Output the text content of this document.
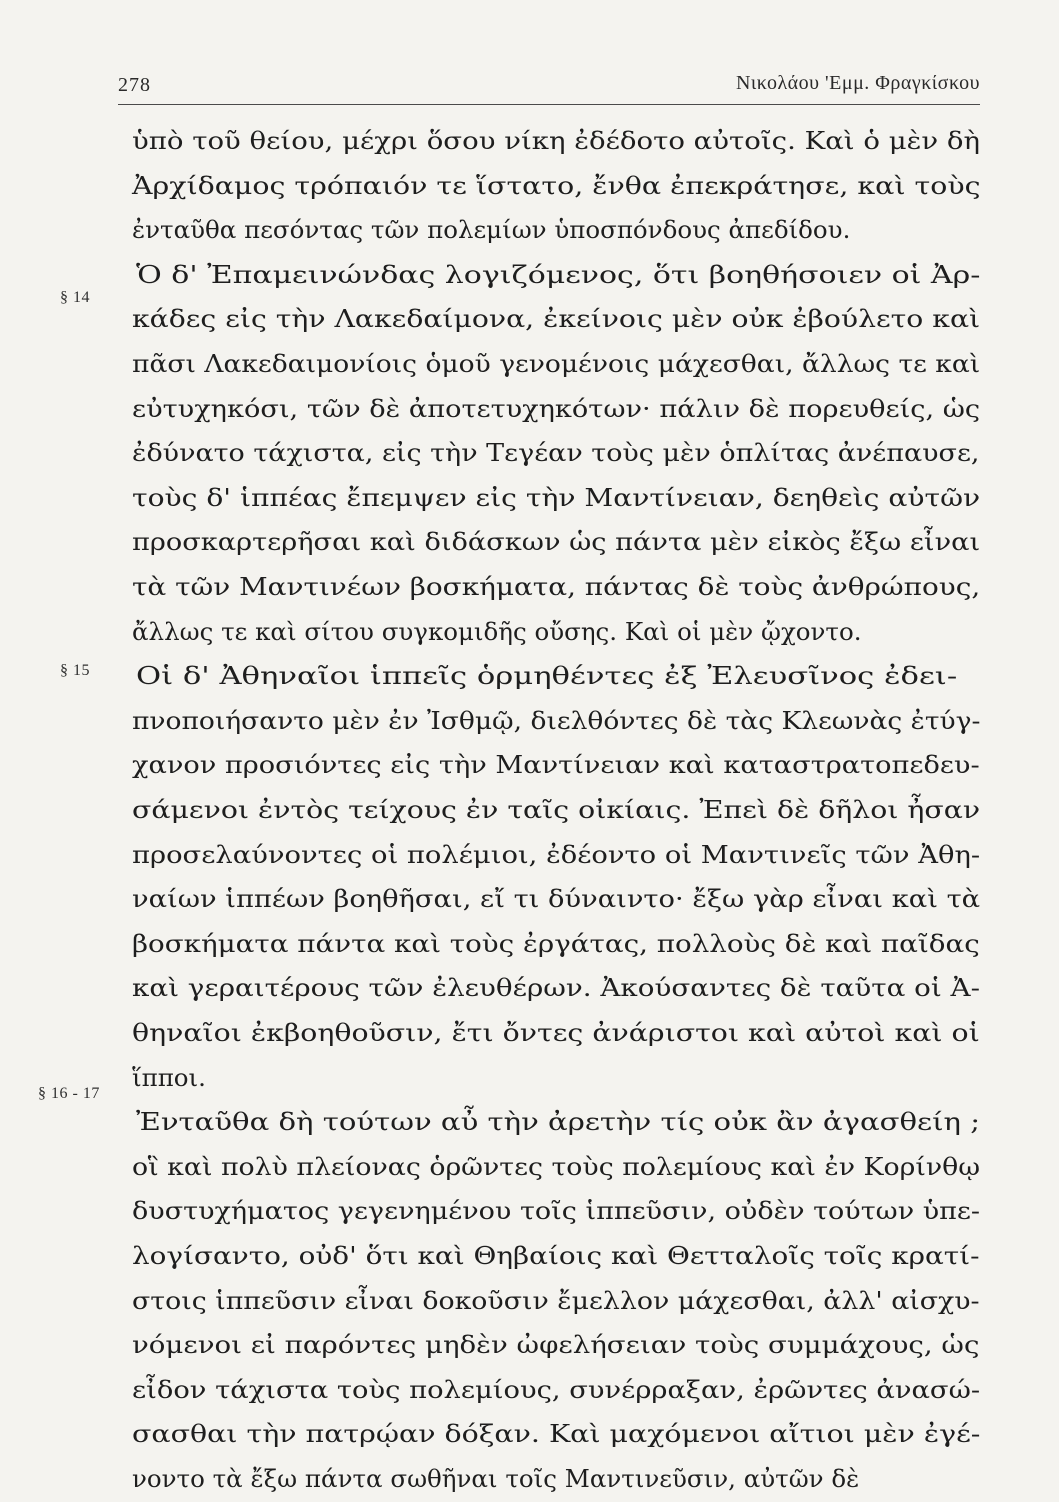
278	Νικολάου 'Εμμ. Φραγκίσκου
§ 14
§ 15
§ 16 - 17
ὑπὸ τοῦ θείου, μέχρι ὅσου νίκη ἐδέδοτο αὐτοῖς. Καὶ ὁ μὲν δὴ
Ἀρχίδαμος τρόπαιόν τε ἵστατο, ἔνθα ἐπεκράτησε, καὶ τοὺς
ἐνταῦθα πεσόντας τῶν πολεμίων ὑποσπόνδους ἀπεδίδου.
Ὁ δ' Ἐπαμεινώνδας λογιζόμενος, ὅτι βοηθήσοιεν οἱ Ἀρ-
κάδες εἰς τὴν Λακεδαίμονα, ἐκείνοις μὲν οὐκ ἐβούλετο καὶ
πᾶσι Λακεδαιμονίοις ὁμοῦ γενομένοις μάχεσθαι, ἄλλως τε καὶ
εὐτυχηκόσι, τῶν δὲ ἀποτετυχηκότων· πάλιν δὲ πορευθείς, ὡς
ἐδύνατο τάχιστα, εἰς τὴν Τεγέαν τοὺς μὲν ὁπλίτας ἀνέπαυσε,
τοὺς δ' ἱππέας ἔπεμψεν εἰς τὴν Μαντίνειαν, δεηθεὶς αὐτῶν
προσκαρτερῆσαι καὶ διδάσκων ὡς πάντα μὲν εἰκὸς ἔξω εἶναι
τὰ τῶν Μαντινέων βοσκήματα, πάντας δὲ τοὺς ἀνθρώπους,
ἄλλως τε καὶ σίτου συγκομιδῆς οὔσης. Καὶ οἱ μὲν ᾤχοντο.
Οἱ δ' Ἀθηναῖοι ἱππεῖς ὁρμηθέντες ἐξ Ἐλευσῖνος ἐδει-
πνοποιήσαντο μὲν ἐν Ἰσθμῷ, διελθόντες δὲ τὰς Κλεωνὰς ἐτύγ-
χανον προσιόντες εἰς τὴν Μαντίνειαν καὶ καταστρατοπεδευ-
σάμενοι ἐντὸς τείχους ἐν ταῖς οἰκίαις. Ἐπεὶ δὲ δῆλοι ἦσαν
προσελαύνοντες οἱ πολέμιοι, ἐδέοντο οἱ Μαντινεῖς τῶν Ἀθη-
ναίων ἱππέων βοηθῆσαι, εἴ τι δύναιντο· ἔξω γὰρ εἶναι καὶ τὰ
βοσκήματα πάντα καὶ τοὺς ἐργάτας, πολλοὺς δὲ καὶ παῖδας
καὶ γεραιτέρους τῶν ἐλευθέρων. Ἀκούσαντες δὲ ταῦτα οἱ Ἀ-
θηναῖοι ἐκβοηθοῦσιν, ἔτι ὄντες ἀνάριστοι καὶ αὐτοὶ καὶ οἱ
ἵπποι.
Ἐνταῦθα δὴ τούτων αὖ τὴν ἀρετὴν τίς οὐκ ἂν ἀγασθείη ;
οἳ καὶ πολὺ πλείονας ὁρῶντες τοὺς πολεμίους καὶ ἐν Κορίνθῳ
δυστυχήματος γεγενημένου τοῖς ἱππεῦσιν, οὐδὲν τούτων ὑπε-
λογίσαντο, οὐδ' ὅτι καὶ Θηβαίοις καὶ Θετταλοῖς τοῖς κρατί-
στοις ἱππεῦσιν εἶναι δοκοῦσιν ἔμελλον μάχεσθαι, ἀλλ' αἰσχυ-
νόμενοι εἰ παρόντες μηδὲν ὠφελήσειαν τοὺς συμμάχους, ὡς
εἶδον τάχιστα τοὺς πολεμίους, συνέρραξαν, ἐρῶντες ἀνασώ-
σασθαι τὴν πατρῴαν δόξαν. Καὶ μαχόμενοι αἴτιοι μὲν ἐγέ-
νοντο τὰ ἔξω πάντα σωθῆναι τοῖς Μαντινεῦσιν, αὐτῶν δὲ
